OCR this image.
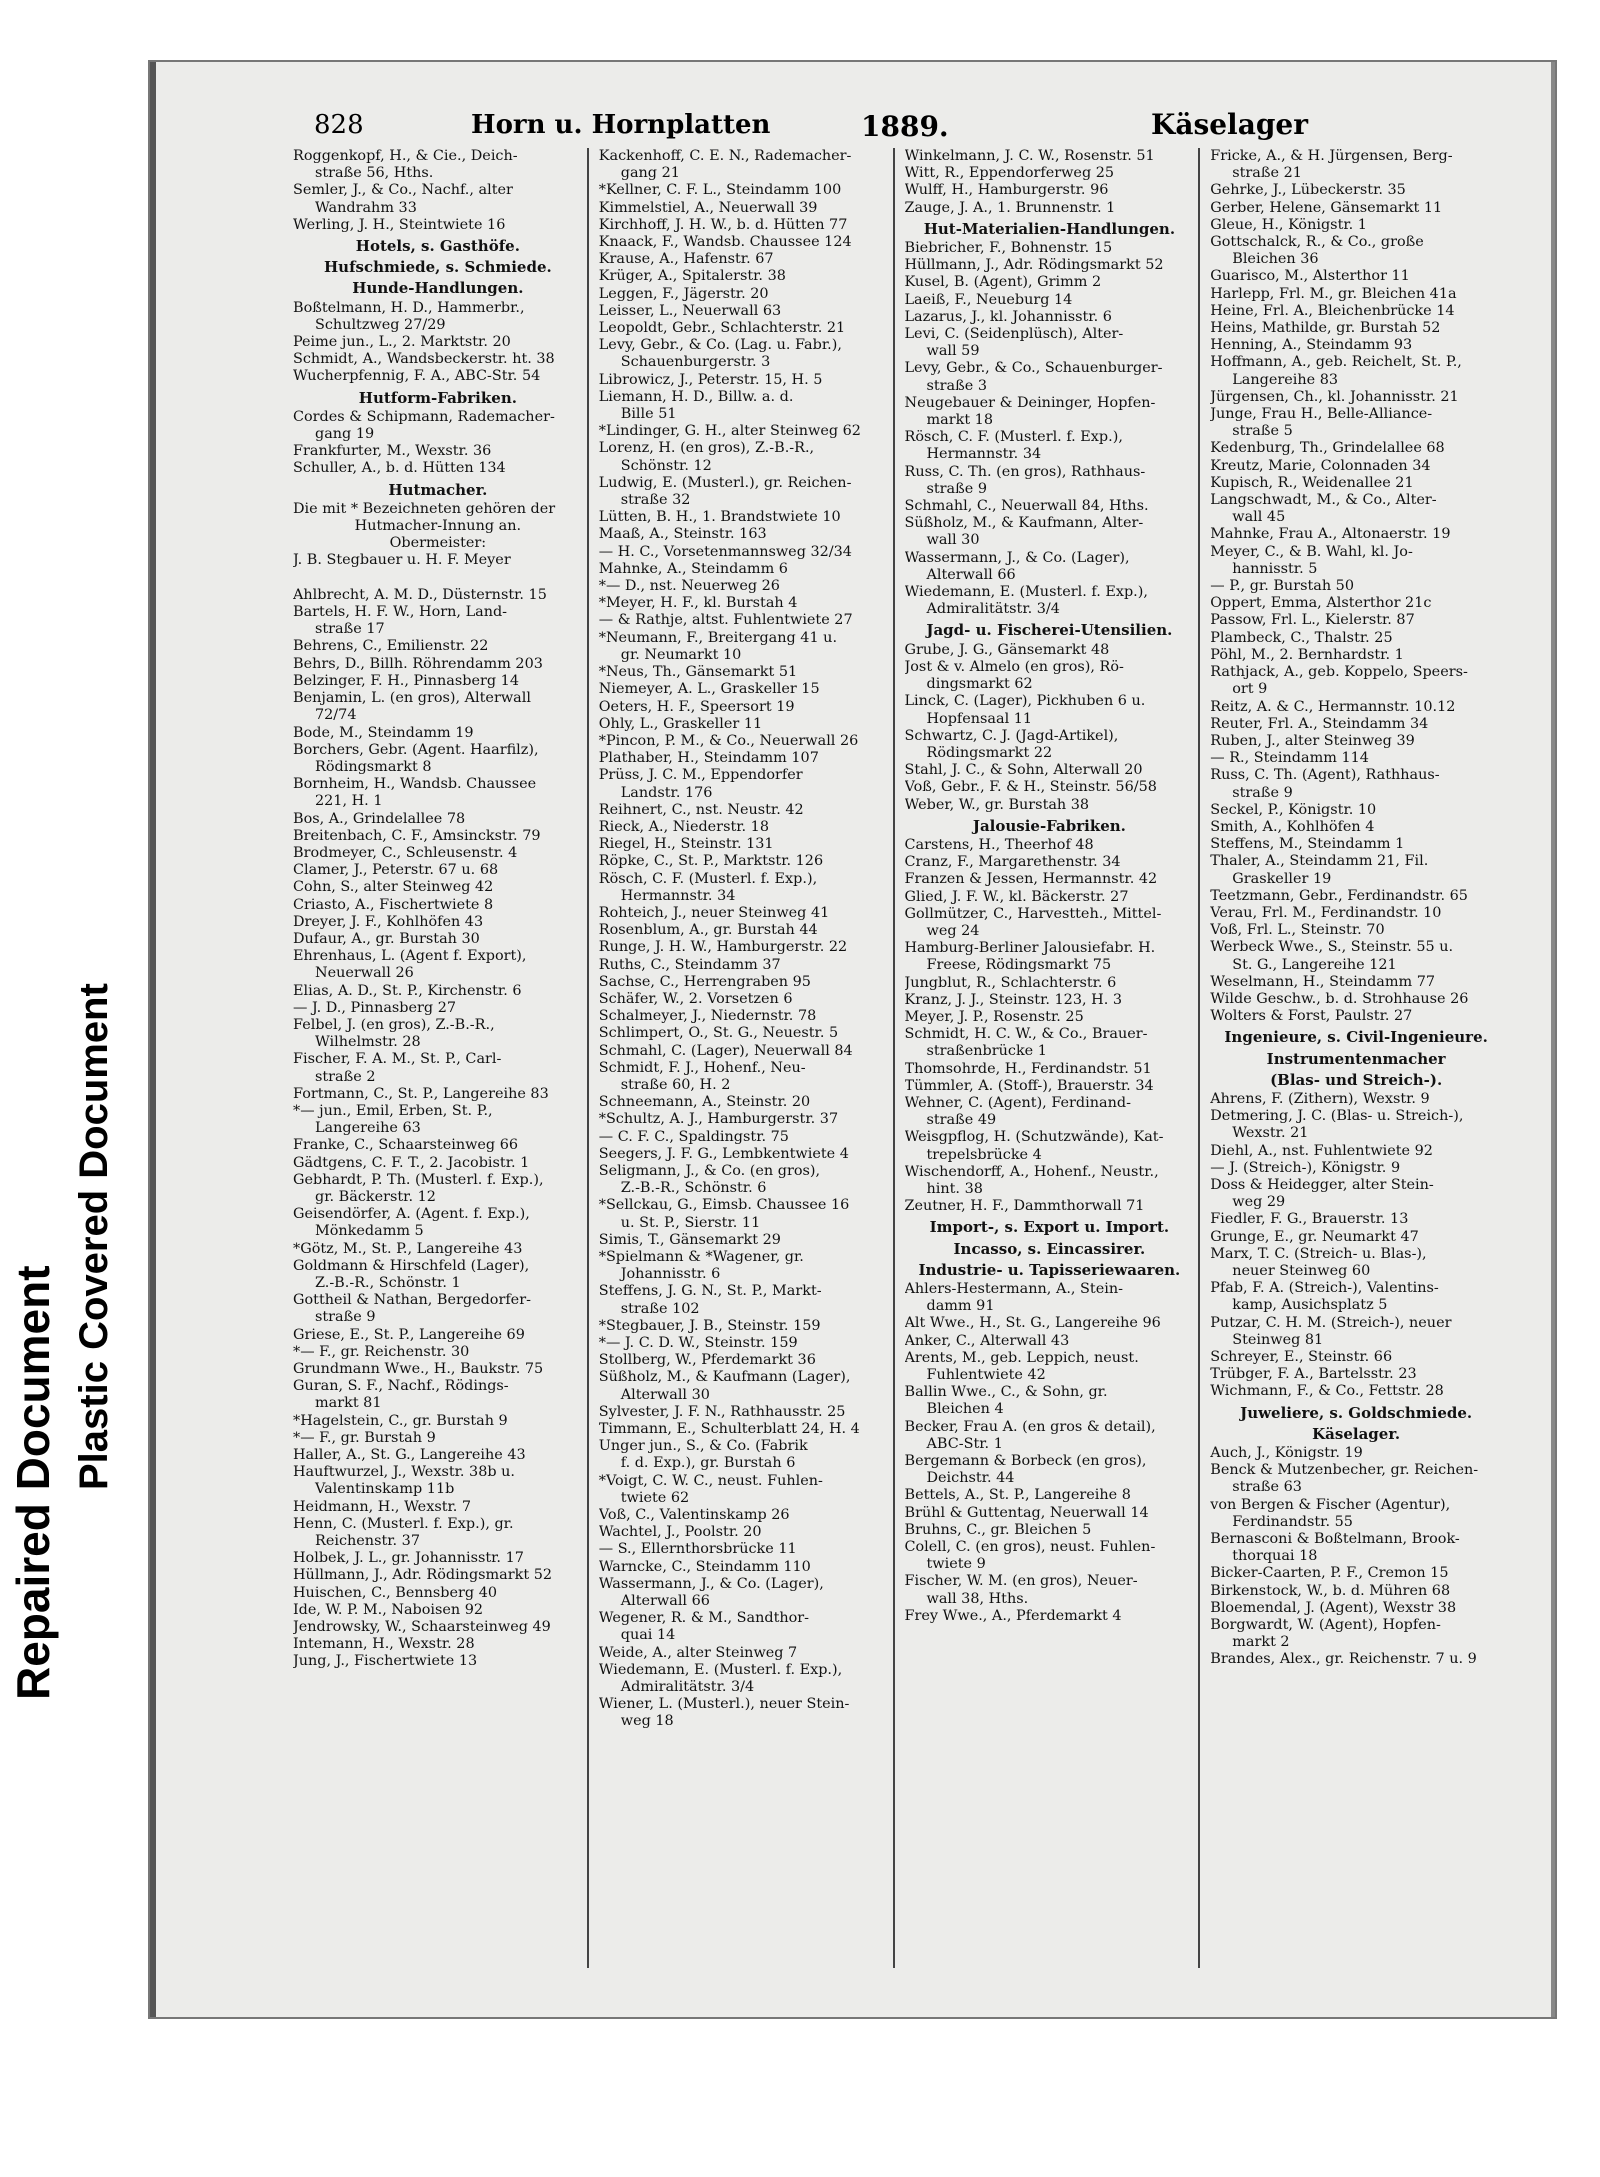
Repaired Document Plastic Covered Document
828	Horn u. Hornplatten	1889.	Käselager
Roggenkopf, H., & Cie., Deich-
straße 56, Hths.
Semler, J., & Co., Nachf., alter
Wandrahm 33
Werling, J. H., Steintwiete 16
Hotels, s. Gasthöfe.
Hufschmiede, s. Schmiede.
Hunde-Handlungen.
Boßtelmann, H. D., Hammerbr.,
Schultzweg 27/29
Peime jun., L., 2. Marktstr. 20
Schmidt, A., Wandsbeckerstr. ht. 38
Wucherpfennig, F. A., ABC-Str. 54
Hutform-Fabriken.
Cordes & Schipmann, Rademacher-
gang 19
Frankfurter, M., Wexstr. 36
Schuller, A., b. d. Hütten 134
Hutmacher.
Die mit * Bezeichneten gehören der
Hutmacher-Innung an.
Obermeister:
J. B. Stegbauer u. H. F. Meyer

Ahlbrecht, A. M. D., Düsternstr. 15
Bartels, H. F. W., Horn, Land-
straße 17
Behrens, C., Emilienstr. 22
Behrs, D., Billh. Röhrendamm 203
Belzinger, F. H., Pinnasberg 14
Benjamin, L. (en gros), Alterwall
72/74
Bode, M., Steindamm 19
Borchers, Gebr. (Agent. Haarfilz),
Rödingsmarkt 8
Bornheim, H., Wandsb. Chaussee
221, H. 1
Bos, A., Grindelallee 78
Breitenbach, C. F., Amsinckstr. 79
Brodmeyer, C., Schleusenstr. 4
Clamer, J., Peterstr. 67 u. 68
Cohn, S., alter Steinweg 42
Criasto, A., Fischertwiete 8
Dreyer, J. F., Kohlhöfen 43
Dufaur, A., gr. Burstah 30
Ehrenhaus, L. (Agent f. Export),
Neuerwall 26
Elias, A. D., St. P., Kirchenstr. 6
— J. D., Pinnasberg 27
Felbel, J. (en gros), Z.-B.-R.,
Wilhelmstr. 28
Fischer, F. A. M., St. P., Carl-
straße 2
Fortmann, C., St. P., Langereihe 83
*— jun., Emil, Erben, St. P.,
Langereihe 63
Franke, C., Schaarsteinweg 66
Gädtgens, C. F. T., 2. Jacobistr. 1
Gebhardt, P. Th. (Musterl. f. Exp.),
gr. Bäckerstr. 12
Geisendörfer, A. (Agent. f. Exp.),
Mönkedamm 5
*Götz, M., St. P., Langereihe 43
Goldmann & Hirschfeld (Lager),
Z.-B.-R., Schönstr. 1
Gottheil & Nathan, Bergedorfer-
straße 9
Griese, E., St. P., Langereihe 69
*— F., gr. Reichenstr. 30
Grundmann Wwe., H., Baukstr. 75
Guran, S. F., Nachf., Rödings-
markt 81
*Hagelstein, C., gr. Burstah 9
*— F., gr. Burstah 9
Haller, A., St. G., Langereihe 43
Hauftwurzel, J., Wexstr. 38b u.
Valentinskamp 11b
Heidmann, H., Wexstr. 7
Henn, C. (Musterl. f. Exp.), gr.
Reichenstr. 37
Holbek, J. L., gr. Johannisstr. 17
Hüllmann, J., Adr. Rödingsmarkt 52
Huischen, C., Bennsberg 40
Ide, W. P. M., Naboisen 92
Jendrowsky, W., Schaarsteinweg 49
Intemann, H., Wexstr. 28
Jung, J., Fischertwiete 13
Kackenhoff, C. E. N., Rademacher-
gang 21
*Kellner, C. F. L., Steindamm 100
Kimmelstiel, A., Neuerwall 39
Kirchhoff, J. H. W., b. d. Hütten 77
Knaack, F., Wandsb. Chaussee 124
Krause, A., Hafenstr. 67
Krüger, A., Spitalerstr. 38
Leggen, F., Jägerstr. 20
Leisser, L., Neuerwall 63
Leopoldt, Gebr., Schlachterstr. 21
Levy, Gebr., & Co. (Lag. u. Fabr.),
Schauenburgerstr. 3
Librowicz, J., Peterstr. 15, H. 5
Liemann, H. D., Billw. a. d.
Bille 51
*Lindinger, G. H., alter Steinweg 62
Lorenz, H. (en gros), Z.-B.-R.,
Schönstr. 12
Ludwig, E. (Musterl.), gr. Reichen-
straße 32
Lütten, B. H., 1. Brandstwiete 10
Maaß, A., Steinstr. 163
— H. C., Vorsetenmannsweg 32/34
Mahnke, A., Steindamm 6
*— D., nst. Neuerweg 26
*Meyer, H. F., kl. Burstah 4
— & Rathje, altst. Fuhlentwiete 27
*Neumann, F., Breitergang 41 u.
gr. Neumarkt 10
*Neus, Th., Gänsemarkt 51
Niemeyer, A. L., Graskeller 15
Oeters, H. F., Speersort 19
Ohly, L., Graskeller 11
*Pincon, P. M., & Co., Neuerwall 26
Plathaber, H., Steindamm 107
Prüss, J. C. M., Eppendorfer
Landstr. 176
Reihnert, C., nst. Neustr. 42
Rieck, A., Niederstr. 18
Riegel, H., Steinstr. 131
Röpke, C., St. P., Marktstr. 126
Rösch, C. F. (Musterl. f. Exp.),
Hermannstr. 34
Rohteich, J., neuer Steinweg 41
Rosenblum, A., gr. Burstah 44
Runge, J. H. W., Hamburgerstr. 22
Ruths, C., Steindamm 37
Sachse, C., Herrengraben 95
Schäfer, W., 2. Vorsetzen 6
Schalmeyer, J., Niedernstr. 78
Schlimpert, O., St. G., Neuestr. 5
Schmahl, C. (Lager), Neuerwall 84
Schmidt, F. J., Hohenf., Neu-
straße 60, H. 2
Schneemann, A., Steinstr. 20
*Schultz, A. J., Hamburgerstr. 37
— C. F. C., Spaldingstr. 75
Seegers, J. F. G., Lembkentwiete 4
Seligmann, J., & Co. (en gros),
Z.-B.-R., Schönstr. 6
*Sellckau, G., Eimsb. Chaussee 16
u. St. P., Sierstr. 11
Simis, T., Gänsemarkt 29
*Spielmann & *Wagener, gr.
Johannisstr. 6
Steffens, J. G. N., St. P., Markt-
straße 102
*Stegbauer, J. B., Steinstr. 159
*— J. C. D. W., Steinstr. 159
Stollberg, W., Pferdemarkt 36
Süßholz, M., & Kaufmann (Lager),
Alterwall 30
Sylvester, J. F. N., Rathhausstr. 25
Timmann, E., Schulterblatt 24, H. 4
Unger jun., S., & Co. (Fabrik
f. d. Exp.), gr. Burstah 6
*Voigt, C. W. C., neust. Fuhlen-
twiete 62
Voß, C., Valentinskamp 26
Wachtel, J., Poolstr. 20
— S., Ellernthorsbrücke 11
Warncke, C., Steindamm 110
Wassermann, J., & Co. (Lager),
Alterwall 66
Wegener, R. & M., Sandthor-
quai 14
Weide, A., alter Steinweg 7
Wiedemann, E. (Musterl. f. Exp.),
Admiralitätstr. 3/4
Wiener, L. (Musterl.), neuer Stein-
weg 18
Winkelmann, J. C. W., Rosenstr. 51
Witt, R., Eppendorferweg 25
Wulff, H., Hamburgerstr. 96
Zauge, J. A., 1. Brunnenstr. 1
Hut-Materialien-Handlungen.
Biebricher, F., Bohnenstr. 15
Hüllmann, J., Adr. Rödingsmarkt 52
Kusel, B. (Agent), Grimm 2
Laeiß, F., Neueburg 14
Lazarus, J., kl. Johannisstr. 6
Levi, C. (Seidenplüsch), Alter-
wall 59
Levy, Gebr., & Co., Schauenburger-
straße 3
Neugebauer & Deininger, Hopfen-
markt 18
Rösch, C. F. (Musterl. f. Exp.),
Hermannstr. 34
Russ, C. Th. (en gros), Rathhaus-
straße 9
Schmahl, C., Neuerwall 84, Hths.
Süßholz, M., & Kaufmann, Alter-
wall 30
Wassermann, J., & Co. (Lager),
Alterwall 66
Wiedemann, E. (Musterl. f. Exp.),
Admiralitätstr. 3/4
Jagd- u. Fischerei-Utensilien.
Grube, J. G., Gänsemarkt 48
Jost & v. Almelo (en gros), Rö-
dingsmarkt 62
Linck, C. (Lager), Pickhuben 6 u.
Hopfensaal 11
Schwartz, C. J. (Jagd-Artikel),
Rödingsmarkt 22
Stahl, J. C., & Sohn, Alterwall 20
Voß, Gebr., F. & H., Steinstr. 56/58
Weber, W., gr. Burstah 38
Jalousie-Fabriken.
Carstens, H., Theerhof 48
Cranz, F., Margarethenstr. 34
Franzen & Jessen, Hermannstr. 42
Glied, J. F. W., kl. Bäckerstr. 27
Gollmützer, C., Harvestteh., Mittel-
weg 24
Hamburg-Berliner Jalousiefabr. H.
Freese, Rödingsmarkt 75
Jungblut, R., Schlachterstr. 6
Kranz, J. J., Steinstr. 123, H. 3
Meyer, J. P., Rosenstr. 25
Schmidt, H. C. W., & Co., Brauer-
straßenbrücke 1
Thomsohrde, H., Ferdinandstr. 51
Tümmler, A. (Stoff-), Brauerstr. 34
Wehner, C. (Agent), Ferdinand-
straße 49
Weisgpflog, H. (Schutzwände), Kat-
trepelsbrücke 4
Wischendorff, A., Hohenf., Neustr.,
hint. 38
Zeutner, H. F., Dammthorwall 71
Import-, s. Export u. Import.
Incasso, s. Eincassirer.
Industrie- u. Tapisseriewaaren.
Ahlers-Hestermann, A., Stein-
damm 91
Alt Wwe., H., St. G., Langereihe 96
Anker, C., Alterwall 43
Arents, M., geb. Leppich, neust.
Fuhlentwiete 42
Ballin Wwe., C., & Sohn, gr.
Bleichen 4
Becker, Frau A. (en gros & detail),
ABC-Str. 1
Bergemann & Borbeck (en gros),
Deichstr. 44
Bettels, A., St. P., Langereihe 8
Brühl & Guttentag, Neuerwall 14
Bruhns, C., gr. Bleichen 5
Colell, C. (en gros), neust. Fuhlen-
twiete 9
Fischer, W. M. (en gros), Neuer-
wall 38, Hths.
Frey Wwe., A., Pferdemarkt 4
Fricke, A., & H. Jürgensen, Berg-
straße 21
Gehrke, J., Lübeckerstr. 35
Gerber, Helene, Gänsemarkt 11
Gleue, H., Königstr. 1
Gottschalck, R., & Co., große
Bleichen 36
Guarisco, M., Alsterthor 11
Harlepp, Frl. M., gr. Bleichen 41a
Heine, Frl. A., Bleichenbrücke 14
Heins, Mathilde, gr. Burstah 52
Henning, A., Steindamm 93
Hoffmann, A., geb. Reichelt, St. P.,
Langereihe 83
Jürgensen, Ch., kl. Johannisstr. 21
Junge, Frau H., Belle-Alliance-
straße 5
Kedenburg, Th., Grindelallee 68
Kreutz, Marie, Colonnaden 34
Kupisch, R., Weidenallee 21
Langschwadt, M., & Co., Alter-
wall 45
Mahnke, Frau A., Altonaerstr. 19
Meyer, C., & B. Wahl, kl. Jo-
hannisstr. 5
— P., gr. Burstah 50
Oppert, Emma, Alsterthor 21c
Passow, Frl. L., Kielerstr. 87
Plambeck, C., Thalstr. 25
Pöhl, M., 2. Bernhardstr. 1
Rathjack, A., geb. Koppelo, Speers-
ort 9
Reitz, A. & C., Hermannstr. 10.12
Reuter, Frl. A., Steindamm 34
Ruben, J., alter Steinweg 39
— R., Steindamm 114
Russ, C. Th. (Agent), Rathhaus-
straße 9
Seckel, P., Königstr. 10
Smith, A., Kohlhöfen 4
Steffens, M., Steindamm 1
Thaler, A., Steindamm 21, Fil.
Graskeller 19
Teetzmann, Gebr., Ferdinandstr. 65
Verau, Frl. M., Ferdinandstr. 10
Voß, Frl. L., Steinstr. 70
Werbeck Wwe., S., Steinstr. 55 u.
St. G., Langereihe 121
Weselmann, H., Steindamm 77
Wilde Geschw., b. d. Strohhause 26
Wolters & Forst, Paulstr. 27
Ingenieure, s. Civil-Ingenieure.
Instrumentenmacher
(Blas- und Streich-).
Ahrens, F. (Zithern), Wexstr. 9
Detmering, J. C. (Blas- u. Streich-),
Wexstr. 21
Diehl, A., nst. Fuhlentwiete 92
— J. (Streich-), Königstr. 9
Doss & Heidegger, alter Stein-
weg 29
Fiedler, F. G., Brauerstr. 13
Grunge, E., gr. Neumarkt 47
Marx, T. C. (Streich- u. Blas-),
neuer Steinweg 60
Pfab, F. A. (Streich-), Valentins-
kamp, Ausichsplatz 5
Putzar, C. H. M. (Streich-), neuer
Steinweg 81
Schreyer, E., Steinstr. 66
Trübger, F. A., Bartelsstr. 23
Wichmann, F., & Co., Fettstr. 28
Juweliere, s. Goldschmiede.
Käselager.
Auch, J., Königstr. 19
Benck & Mutzenbecher, gr. Reichen-
straße 63
von Bergen & Fischer (Agentur),
Ferdinandstr. 55
Bernasconi & Boßtelmann, Brook-
thorquai 18
Bicker-Caarten, P. F., Cremon 15
Birkenstock, W., b. d. Mühren 68
Bloemendal, J. (Agent), Wexstr 38
Borgwardt, W. (Agent), Hopfen-
markt 2
Brandes, Alex., gr. Reichenstr. 7 u. 9
